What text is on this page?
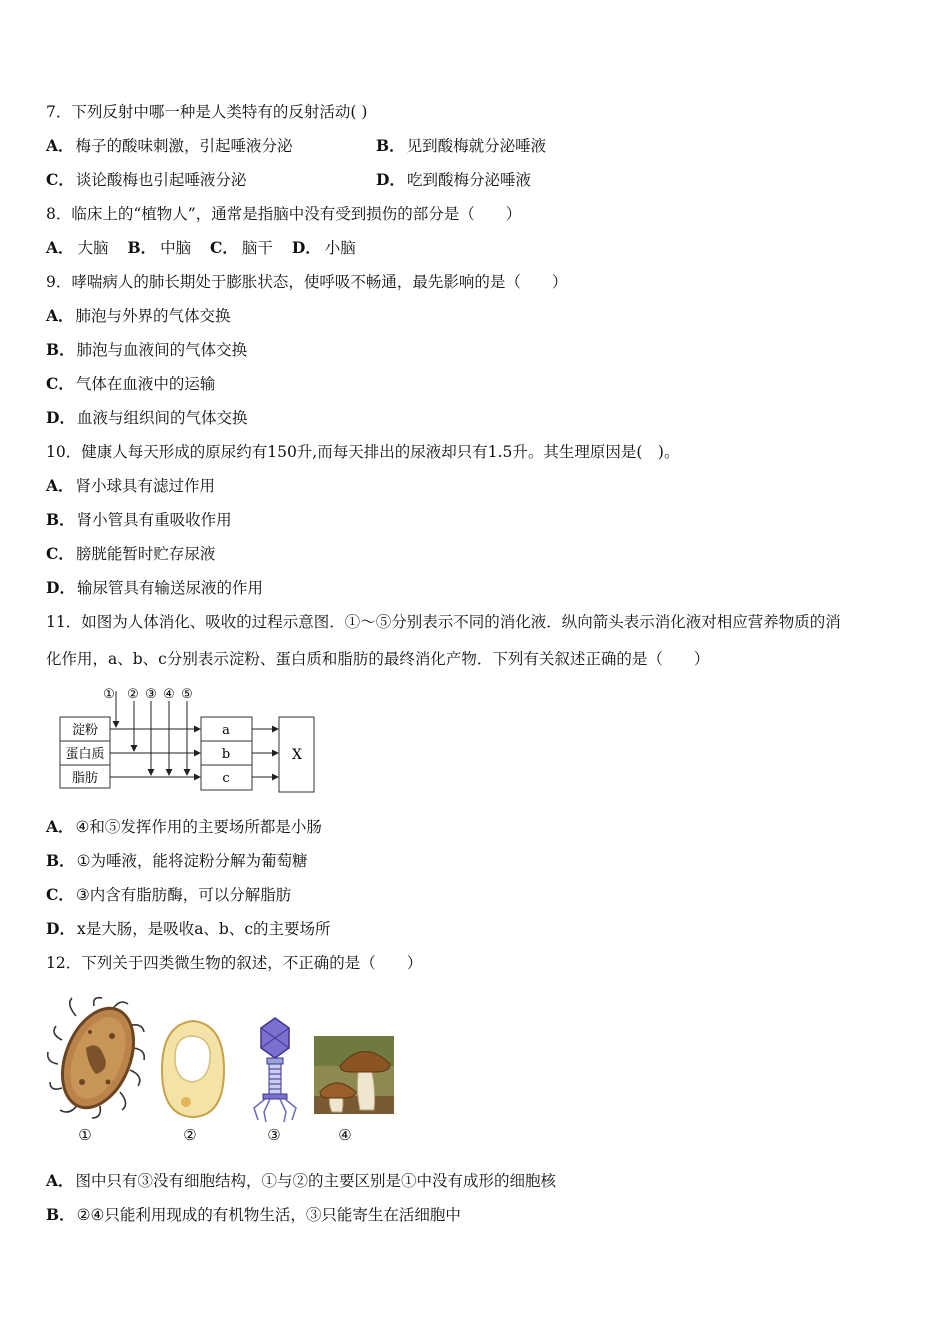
7．下列反射中哪一种是人类特有的反射活动( )
A． 梅子的酸味刺激，引起唾液分泌	B． 见到酸梅就分泌唾液
C． 谈论酸梅也引起唾液分泌	D． 吃到酸梅分泌唾液
8．临床上的“植物人”，通常是指脑中没有受到损伤的部分是（　　）
A． 大脑 B． 中脑 C． 脑干 D． 小脑
9．哮喘病人的肺长期处于膨胀状态，使呼吸不畅通，最先影响的是（　　）
A． 肺泡与外界的气体交换
B． 肺泡与血液间的气体交换
C． 气体在血液中的运输
D． 血液与组织间的气体交换
10．健康人每天形成的原尿约有150升,而每天排出的尿液却只有1.5升。其生理原因是(　)。
A． 肾小球具有滤过作用
B． 肾小管具有重吸收作用
C． 膀胱能暂时贮存尿液
D． 输尿管具有输送尿液的作用
11．如图为人体消化、吸收的过程示意图．①～⑤分别表示不同的消化液．纵向箭头表示消化液对相应营养物质的消
化作用，a、b、c分别表示淀粉、蛋白质和脂肪的最终消化产物．下列有关叙述正确的是（　　）
① ② ③ ④ ⑤
淀粉
蛋白质
脂肪
a
b
c
X
A． ④和⑤发挥作用的主要场所都是小肠
B． ①为唾液，能将淀粉分解为葡萄糖
C． ③内含有脂肪酶，可以分解脂肪
D． x是大肠，是吸收a、b、c的主要场所
12．下列关于四类微生物的叙述，不正确的是（　　）
①	②	③	④
A． 图中只有③没有细胞结构，①与②的主要区别是①中没有成形的细胞核
B． ②④只能利用现成的有机物生活，③只能寄生在活细胞中
